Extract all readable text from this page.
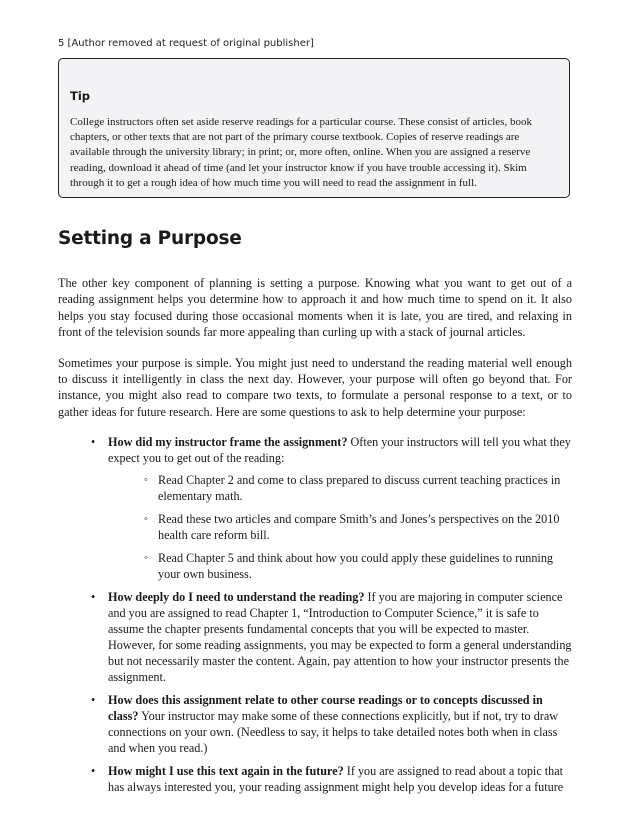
5 [Author removed at request of original publisher]
Tip

College instructors often set aside reserve readings for a particular course. These consist of articles, book chapters, or other texts that are not part of the primary course textbook. Copies of reserve readings are available through the university library; in print; or, more often, online. When you are assigned a reserve reading, download it ahead of time (and let your instructor know if you have trouble accessing it). Skim through it to get a rough idea of how much time you will need to read the assignment in full.

Setting a Purpose

The other key component of planning is setting a purpose. Knowing what you want to get out of a reading assignment helps you determine how to approach it and how much time to spend on it. It also helps you stay focused during those occasional moments when it is late, you are tired, and relaxing in front of the television sounds far more appealing than curling up with a stack of journal articles.

Sometimes your purpose is simple. You might just need to understand the reading material well enough to discuss it intelligently in class the next day. However, your purpose will often go beyond that. For instance, you might also read to compare two texts, to formulate a personal response to a text, or to gather ideas for future research. Here are some questions to ask to help determine your purpose:

• How did my instructor frame the assignment? Often your instructors will tell you what they expect you to get out of the reading:
◦ Read Chapter 2 and come to class prepared to discuss current teaching practices in elementary math.
◦ Read these two articles and compare Smith’s and Jones’s perspectives on the 2010 health care reform bill.
◦ Read Chapter 5 and think about how you could apply these guidelines to running your own business.
• How deeply do I need to understand the reading? If you are majoring in computer science and you are assigned to read Chapter 1, “Introduction to Computer Science,” it is safe to assume the chapter presents fundamental concepts that you will be expected to master. However, for some reading assignments, you may be expected to form a general understanding but not necessarily master the content. Again, pay attention to how your instructor presents the assignment.
• How does this assignment relate to other course readings or to concepts discussed in class? Your instructor may make some of these connections explicitly, but if not, try to draw connections on your own. (Needless to say, it helps to take detailed notes both when in class and when you read.)
• How might I use this text again in the future? If you are assigned to read about a topic that has always interested you, your reading assignment might help you develop ideas for a future
